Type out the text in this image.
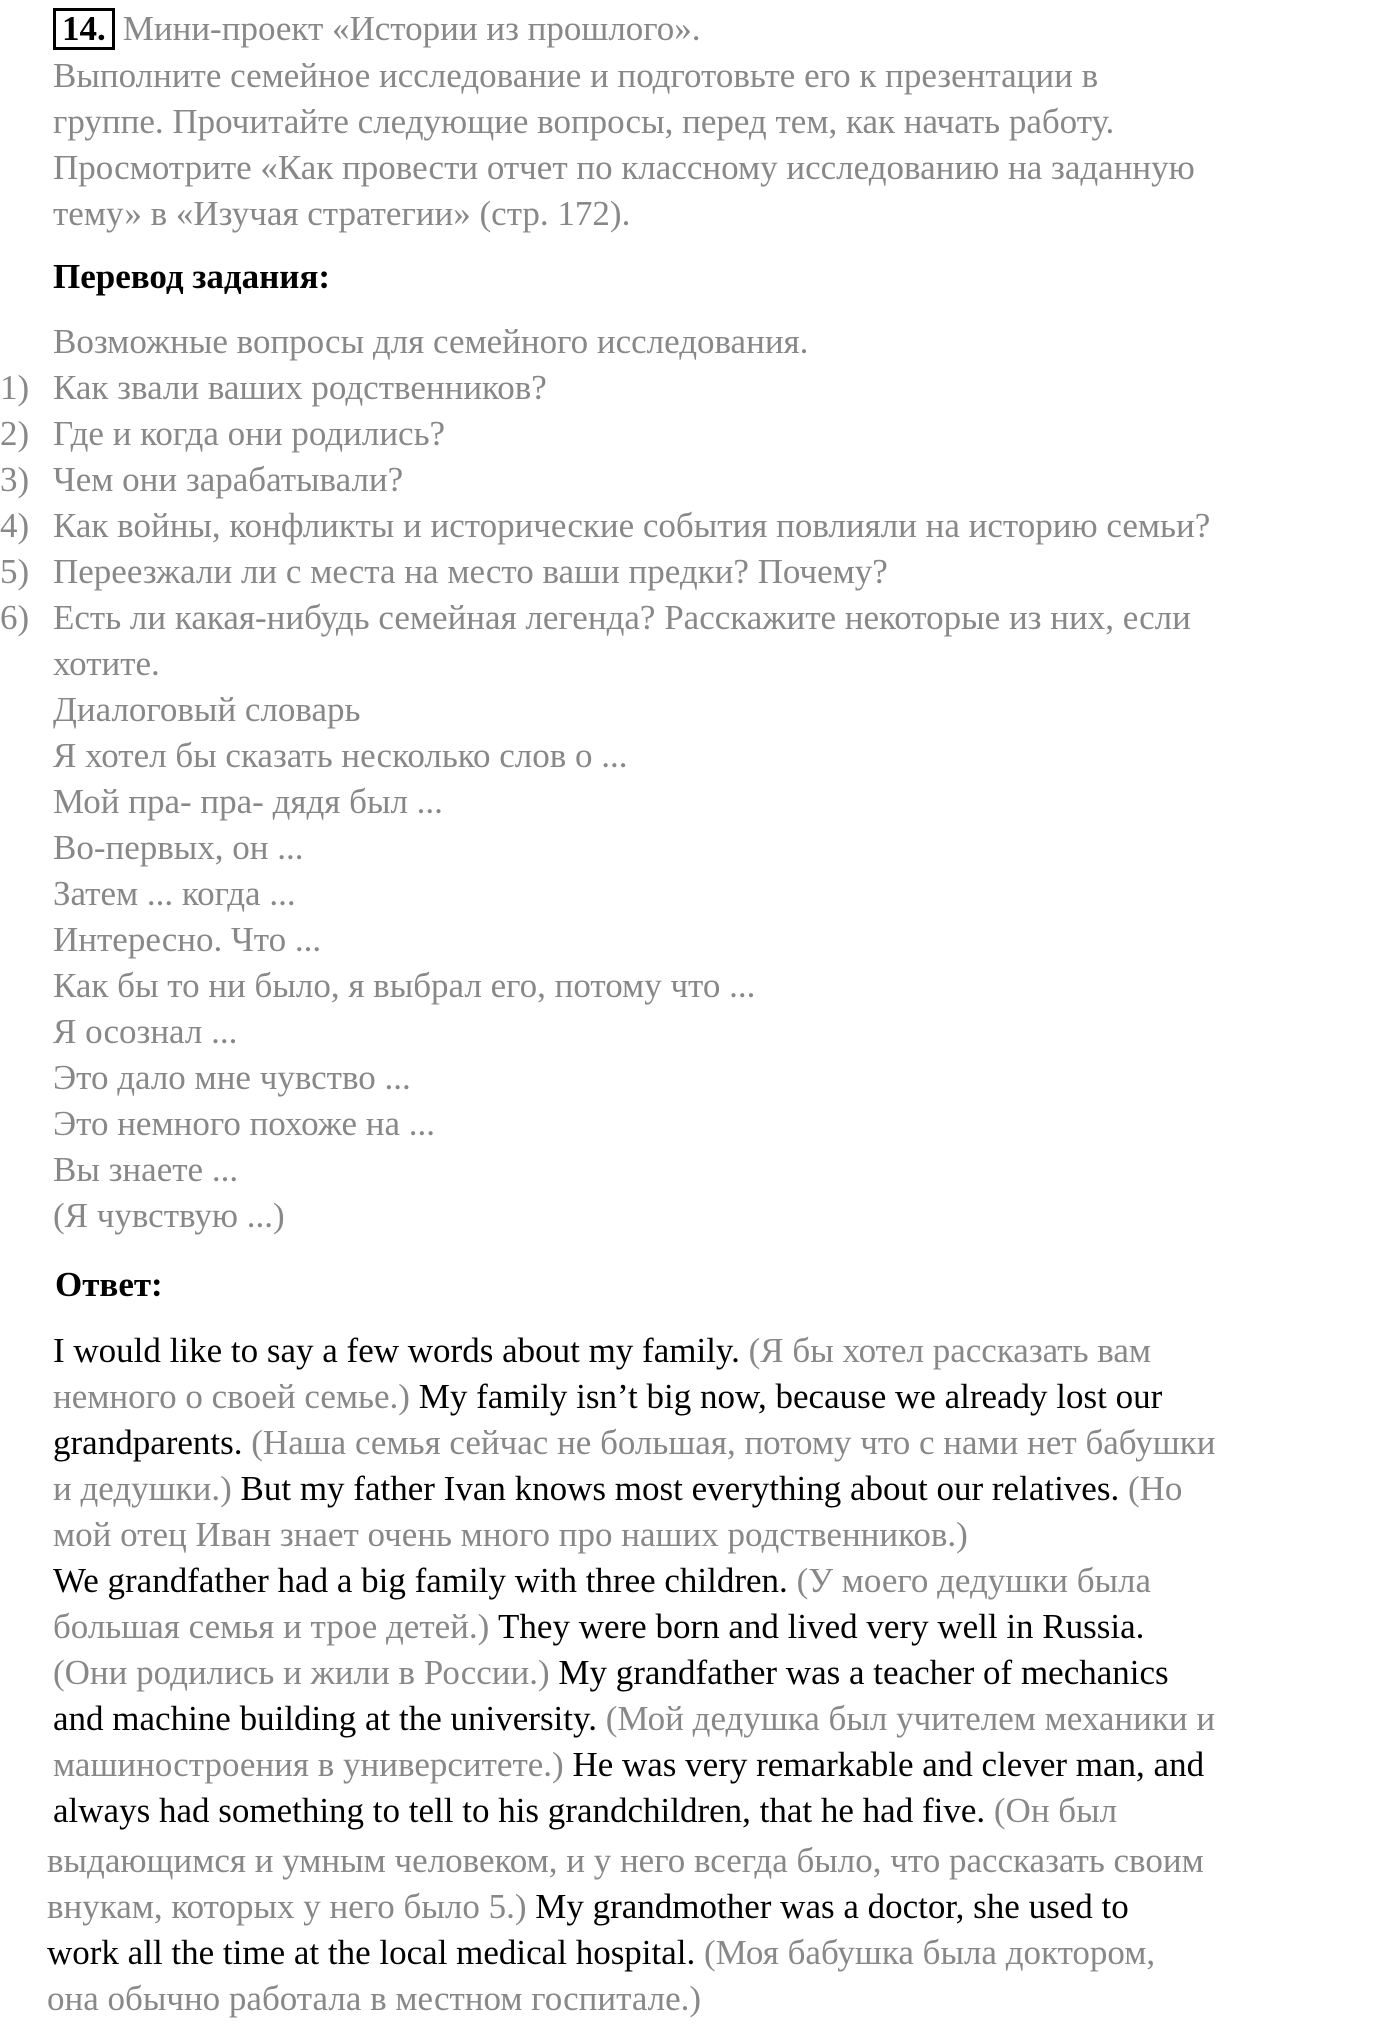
14. Мини-проект «Истории из прошлого».
Выполните семейное исследование и подготовьте его к презентации в
группе. Прочитайте следующие вопросы, перед тем, как начать работу.
Просмотрите «Как провести отчет по классному исследованию на заданную
тему» в «Изучая стратегии» (стр. 172).
Перевод задания:
Возможные вопросы для семейного исследования.
1) Как звали ваших родственников?
2) Где и когда они родились?
3) Чем они зарабатывали?
4) Как войны, конфликты и исторические события повлияли на историю семьи?
5) Переезжали ли с места на место ваши предки? Почему?
6) Есть ли какая-нибудь семейная легенда? Расскажите некоторые из них, если
хотите.
Диалоговый словарь
Я хотел бы сказать несколько слов о ...
Мой пра- пра- дядя был ...
Во-первых, он ...
Затем ... когда ...
Интересно. Что ...
Как бы то ни было, я выбрал его, потому что ...
Я осознал ...
Это дало мне чувство ...
Это немного похоже на ...
Вы знаете ...
(Я чувствую ...)
Ответ:
I would like to say a few words about my family. (Я бы хотел рассказать вам
немного о своей семье.) My family isn’t big now, because we already lost our
grandparents. (Наша семья сейчас не большая, потому что с нами нет бабушки
и дедушки.) But my father Ivan knows most everything about our relatives. (Но
мой отец Иван знает очень много про наших родственников.)
We grandfather had a big family with three children. (У моего дедушки была
большая семья и трое детей.) They were born and lived very well in Russia.
(Они родились и жили в России.) My grandfather was a teacher of mechanics
and machine building at the university. (Мой дедушка был учителем механики и
машиностроения в университете.) He was very remarkable and clever man, and
always had something to tell to his grandchildren, that he had five. (Он был
выдающимся и умным человеком, и у него всегда было, что рассказать своим
внукам, которых у него было 5.) My grandmother was a doctor, she used to
work all the time at the local medical hospital. (Моя бабушка была доктором,
она обычно работала в местном госпитале.)
